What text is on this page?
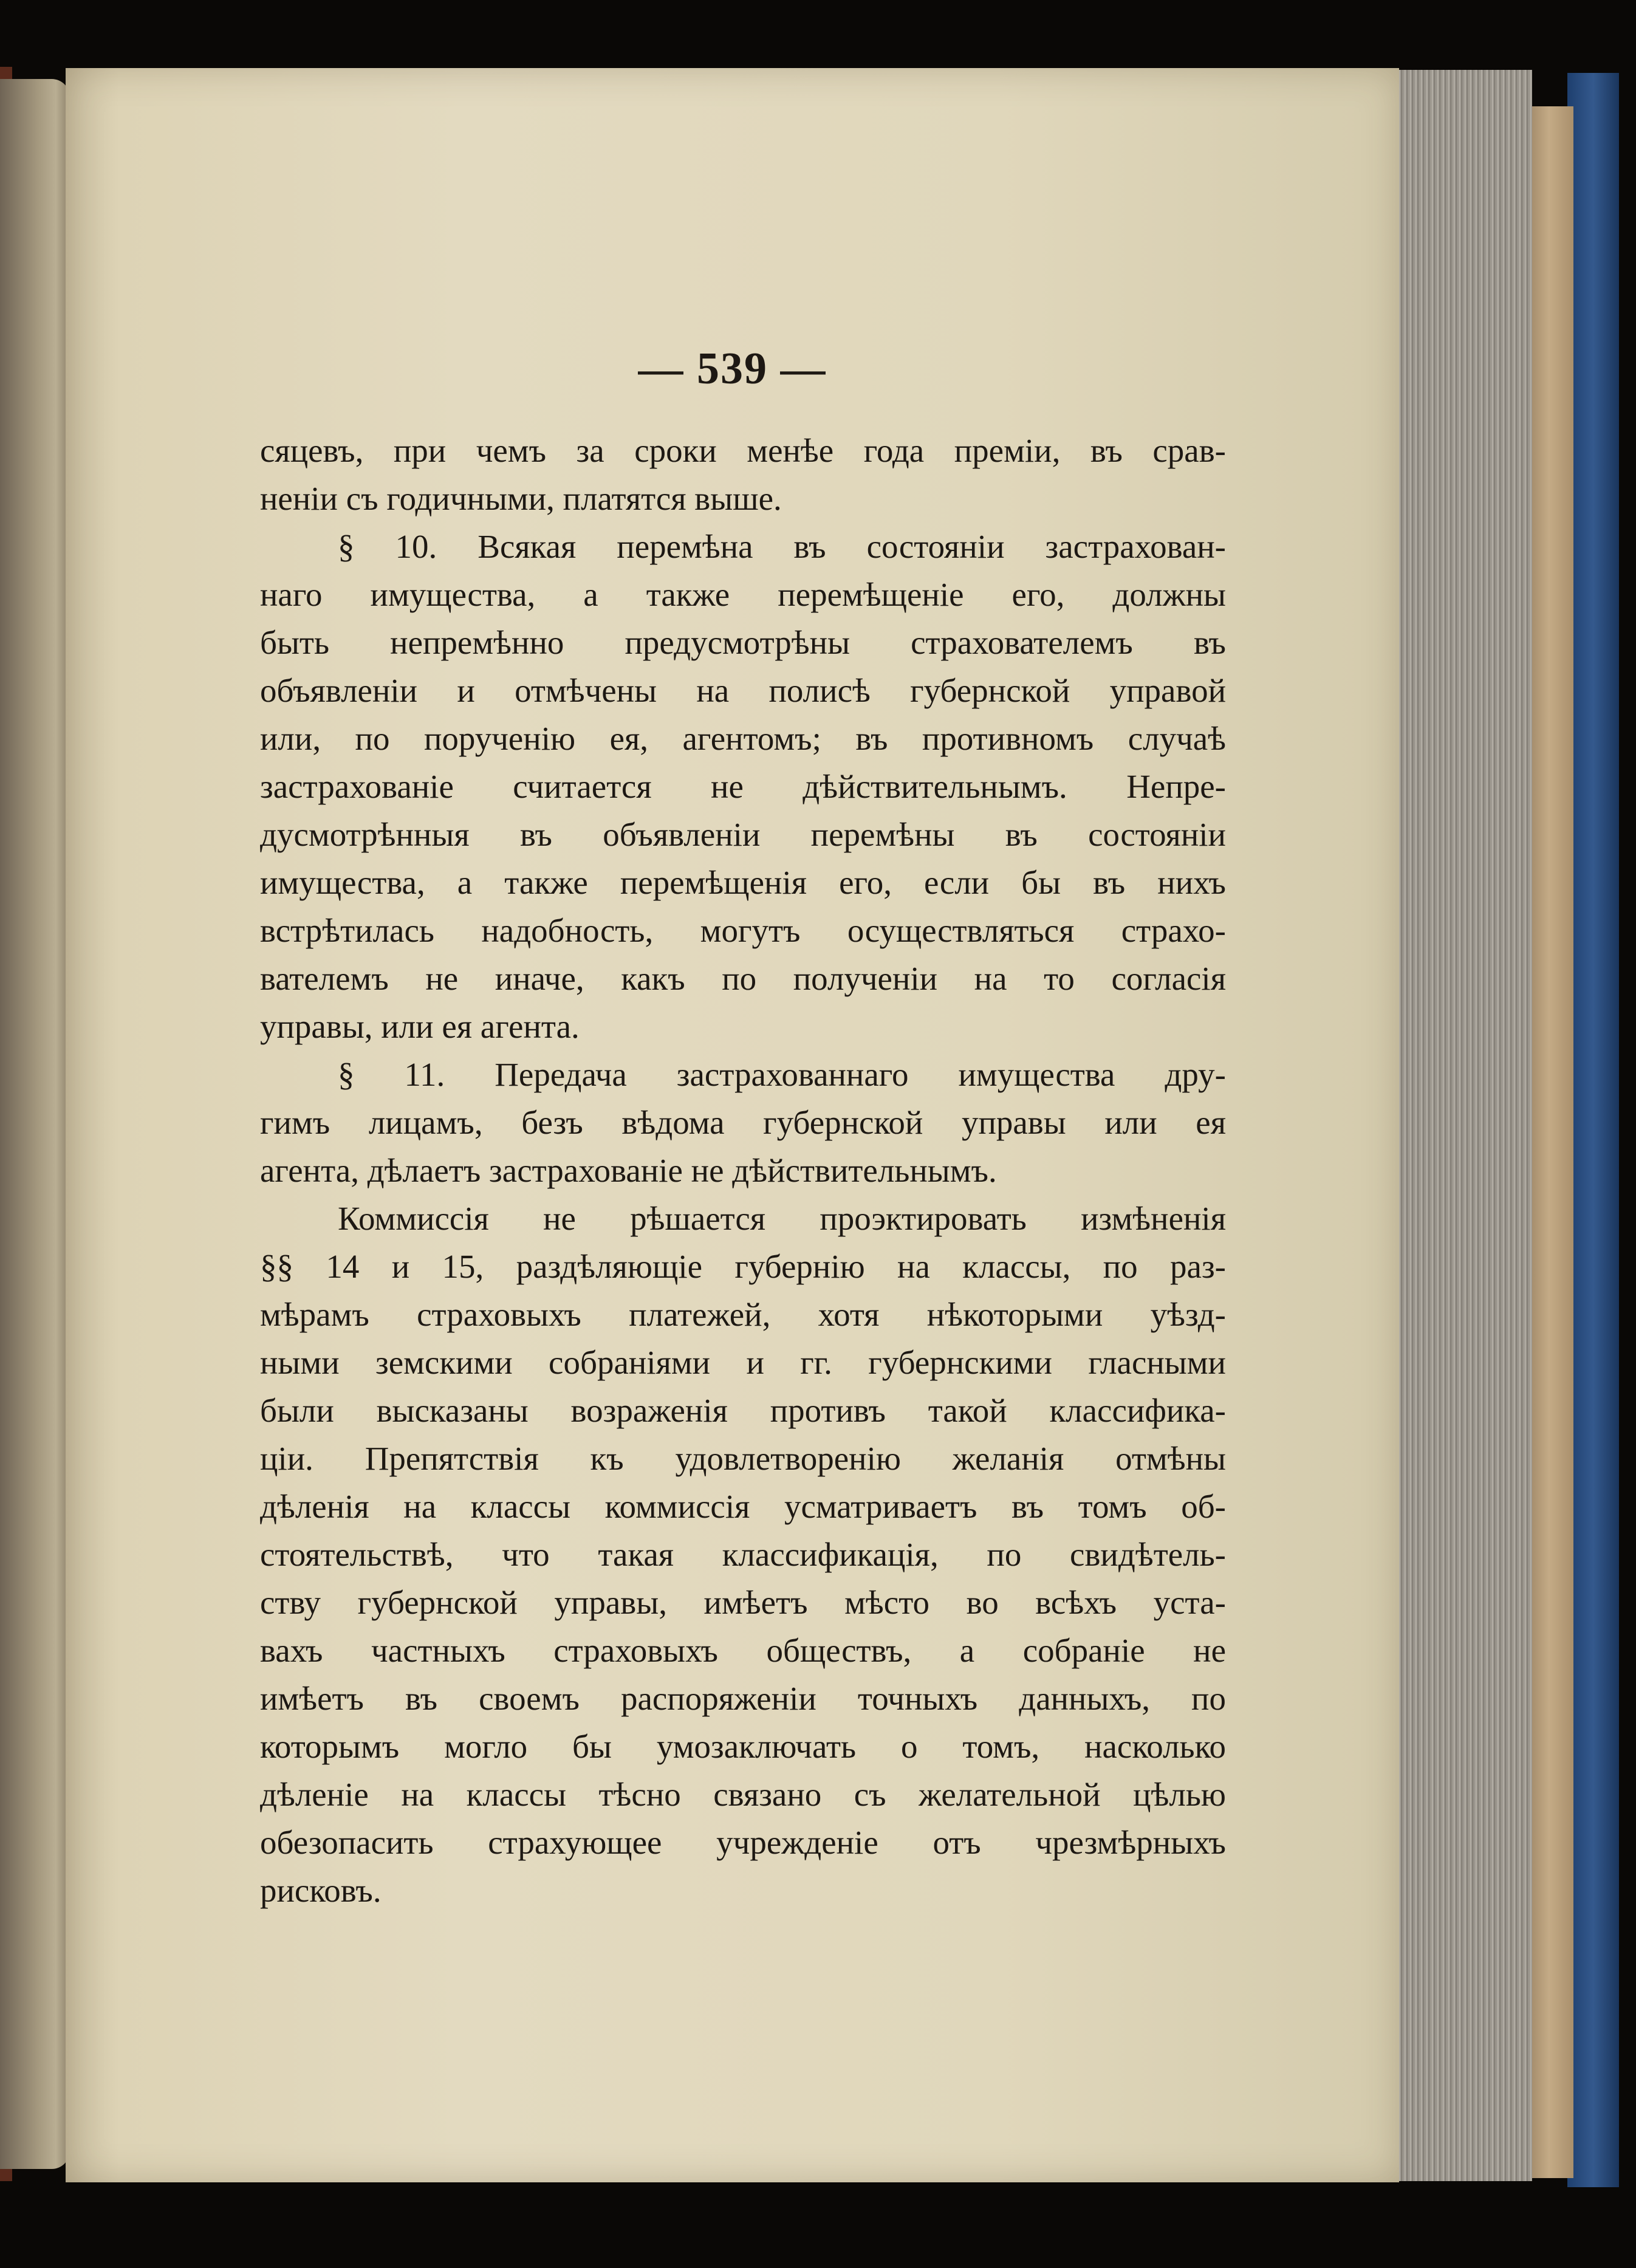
— 539 —
сяцевъ, при чемъ за сроки менѣе года преміи, въ срав-
неніи съ годичными, платятся выше.
§ 10. Всякая перемѣна въ состояніи застрахован-
наго имущества, а также перемѣщеніе его, должны
быть непремѣнно предусмотрѣны страхователемъ въ
объявленіи и отмѣчены на полисѣ губернской управой
или, по порученію ея, агентомъ; въ противномъ случаѣ
застрахованіе считается не дѣйствительнымъ. Непре-
дусмотрѣнныя въ объявленіи перемѣны въ состояніи
имущества, а также перемѣщенія его, если бы въ нихъ
встрѣтилась надобность, могутъ осуществляться страхо-
вателемъ не иначе, какъ по полученіи на то согласія
управы, или ея агента.
§ 11. Передача застрахованнаго имущества дру-
гимъ лицамъ, безъ вѣдома губернской управы или ея
агента, дѣлаетъ застрахованіе не дѣйствительнымъ.
Коммиссія не рѣшается проэктировать измѣненія
§§ 14 и 15, раздѣляющіе губернію на классы, по раз-
мѣрамъ страховыхъ платежей, хотя нѣкоторыми уѣзд-
ными земскими собраніями и гг. губернскими гласными
были высказаны возраженія противъ такой классифика-
ціи. Препятствія къ удовлетворенію желанія отмѣны
дѣленія на классы коммиссія усматриваетъ въ томъ об-
стоятельствѣ, что такая классификація, по свидѣтель-
ству губернской управы, имѣетъ мѣсто во всѣхъ уста-
вахъ частныхъ страховыхъ обществъ, а собраніе не
имѣетъ въ своемъ распоряженіи точныхъ данныхъ, по
которымъ могло бы умозаключать о томъ, насколько
дѣленіе на классы тѣсно связано съ желательной цѣлью
обезопасить страхующее учрежденіе отъ чрезмѣрныхъ
рисковъ.
